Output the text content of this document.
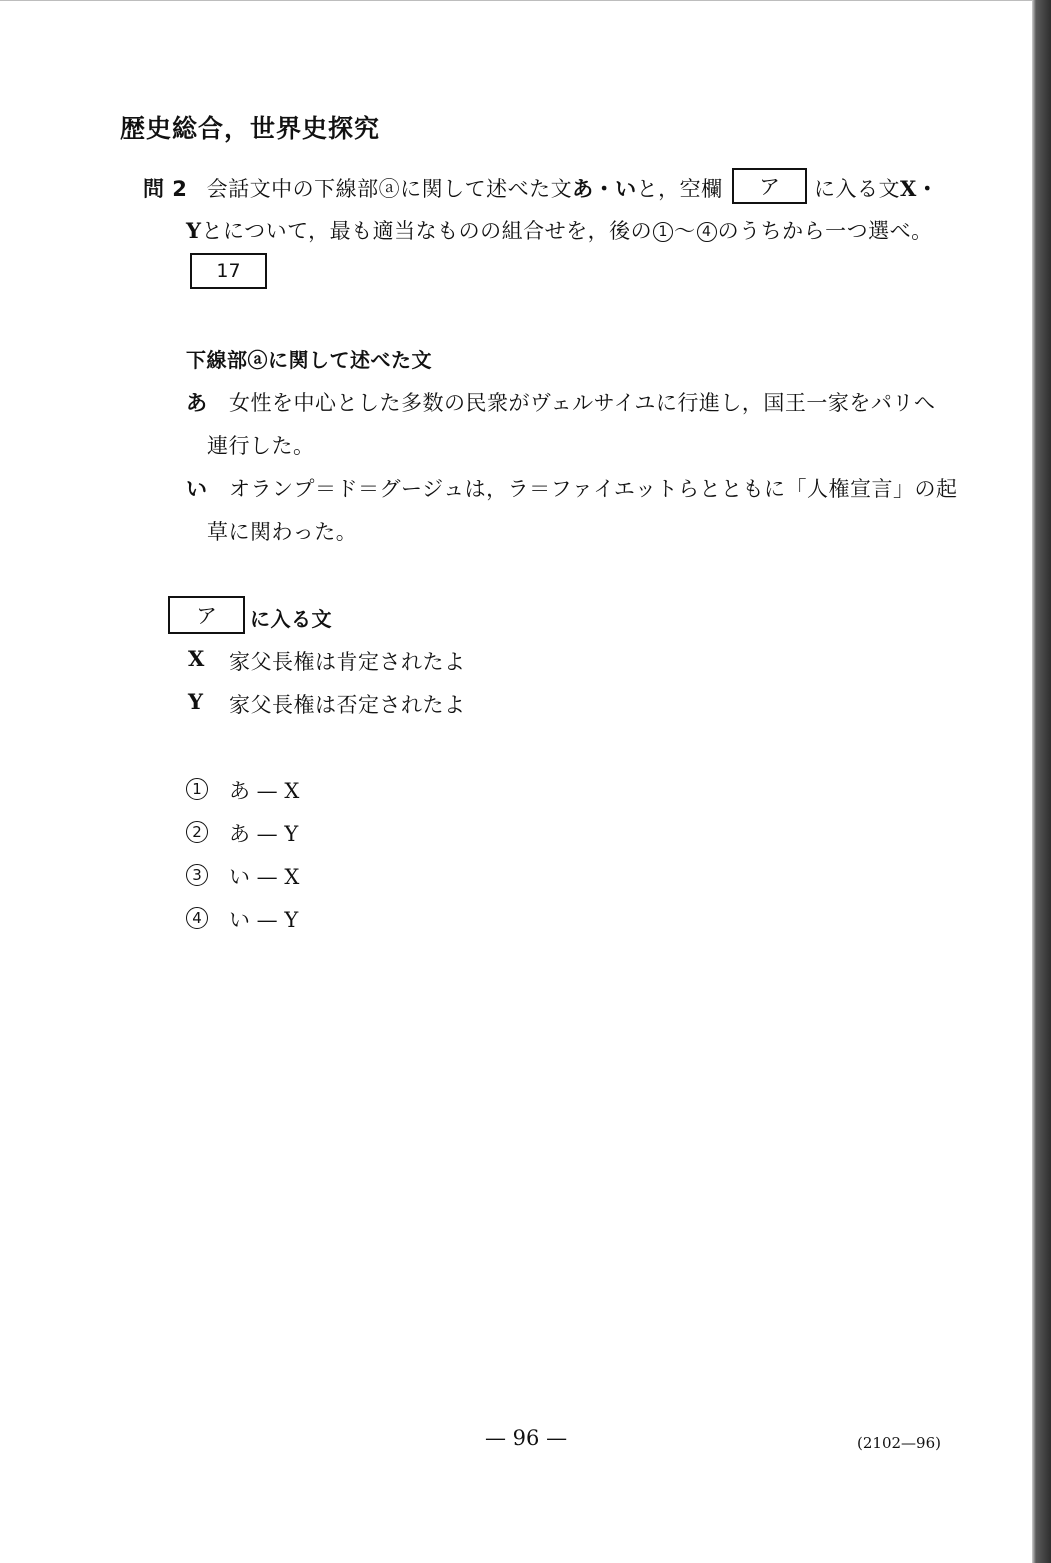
歴史総合，世界史探究
問 2 会話文中の下線部ⓐに関して述べた文あ・いと，空欄 ア に入る文X・
Yとについて，最も適当なものの組合せを，後の 1 ～ 4 のうちから一つ選べ。
17
下線部ⓐに関して述べた文
あ 女性を中心とした多数の民衆がヴェルサイユに行進し，国王一家をパリへ
連行した。
い オランプ＝ド＝グージュは，ラ＝ファイエットらとともに「人権宣言」の起
草に関わった。
ア に入る文
X 家父長権は肯定されたよ
Y 家父長権は否定されたよ
1 あ — X
2 あ — Y
3 い — X
4 い — Y
— 96 —	(2102—96)
